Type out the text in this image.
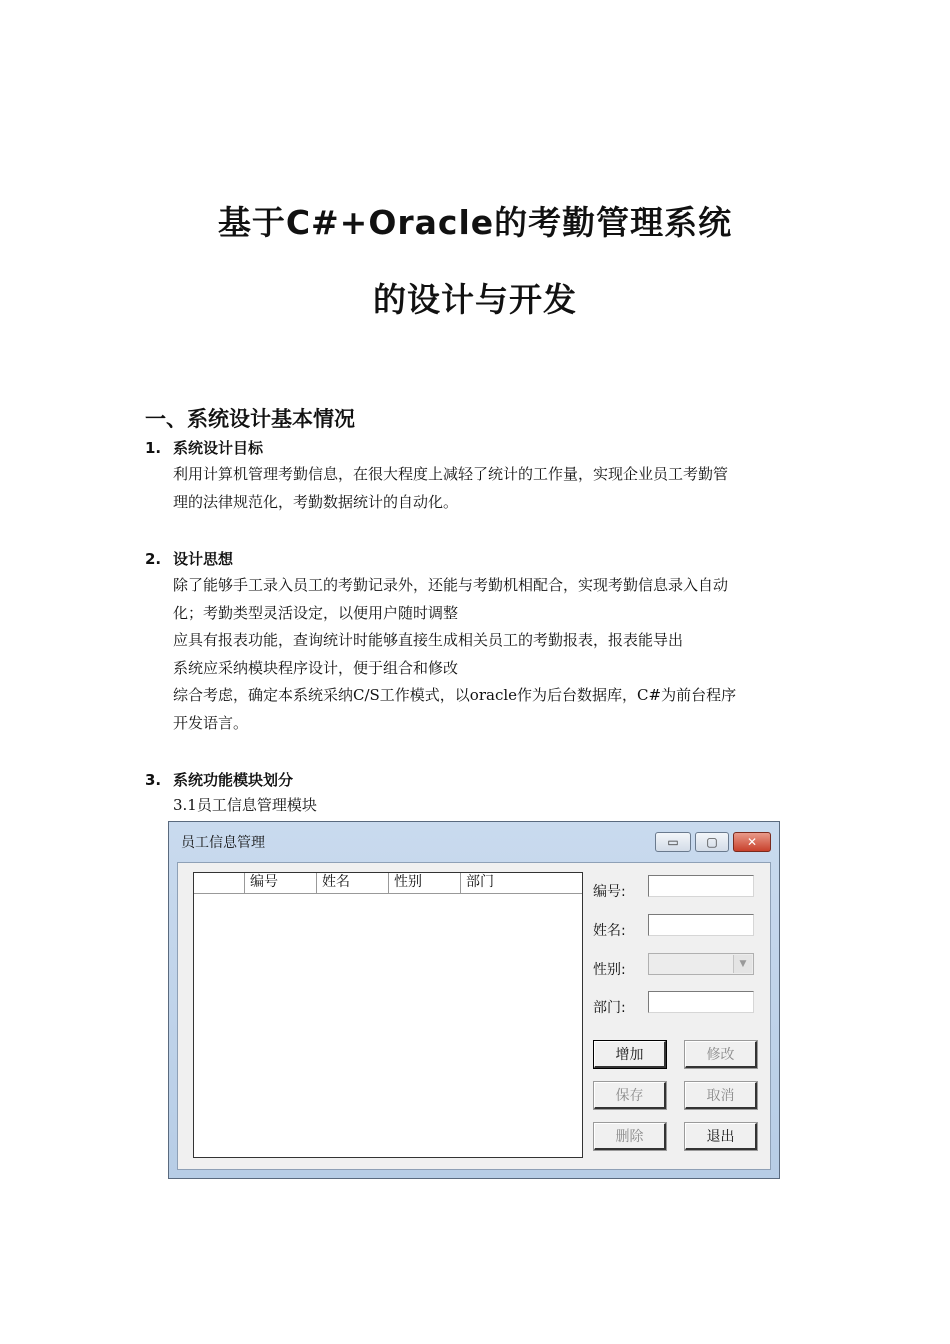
基于C#+Oracle的考勤管理系统
的设计与开发
一、系统设计基本情况
1. 系统设计目标
利用计算机管理考勤信息，在很大程度上减轻了统计的工作量，实现企业员工考勤管
理的法律规范化，考勤数据统计的自动化。
2. 设计思想
除了能够手工录入员工的考勤记录外，还能与考勤机相配合，实现考勤信息录入自动
化；考勤类型灵活设定，以便用户随时调整
应具有报表功能，查询统计时能够直接生成相关员工的考勤报表，报表能导出
系统应采纳模块程序设计，便于组合和修改
综合考虑，确定本系统采纳C/S工作模式，以oracle作为后台数据库，C#为前台程序
开发语言。
3. 系统功能模块划分
3.1员工信息管理模块
员工信息管理	▭	▢	✕
编号	姓名	性别	部门
编号:
姓名:
性别:	▼
部门:
增加	修改
保存	取消
删除	退出
